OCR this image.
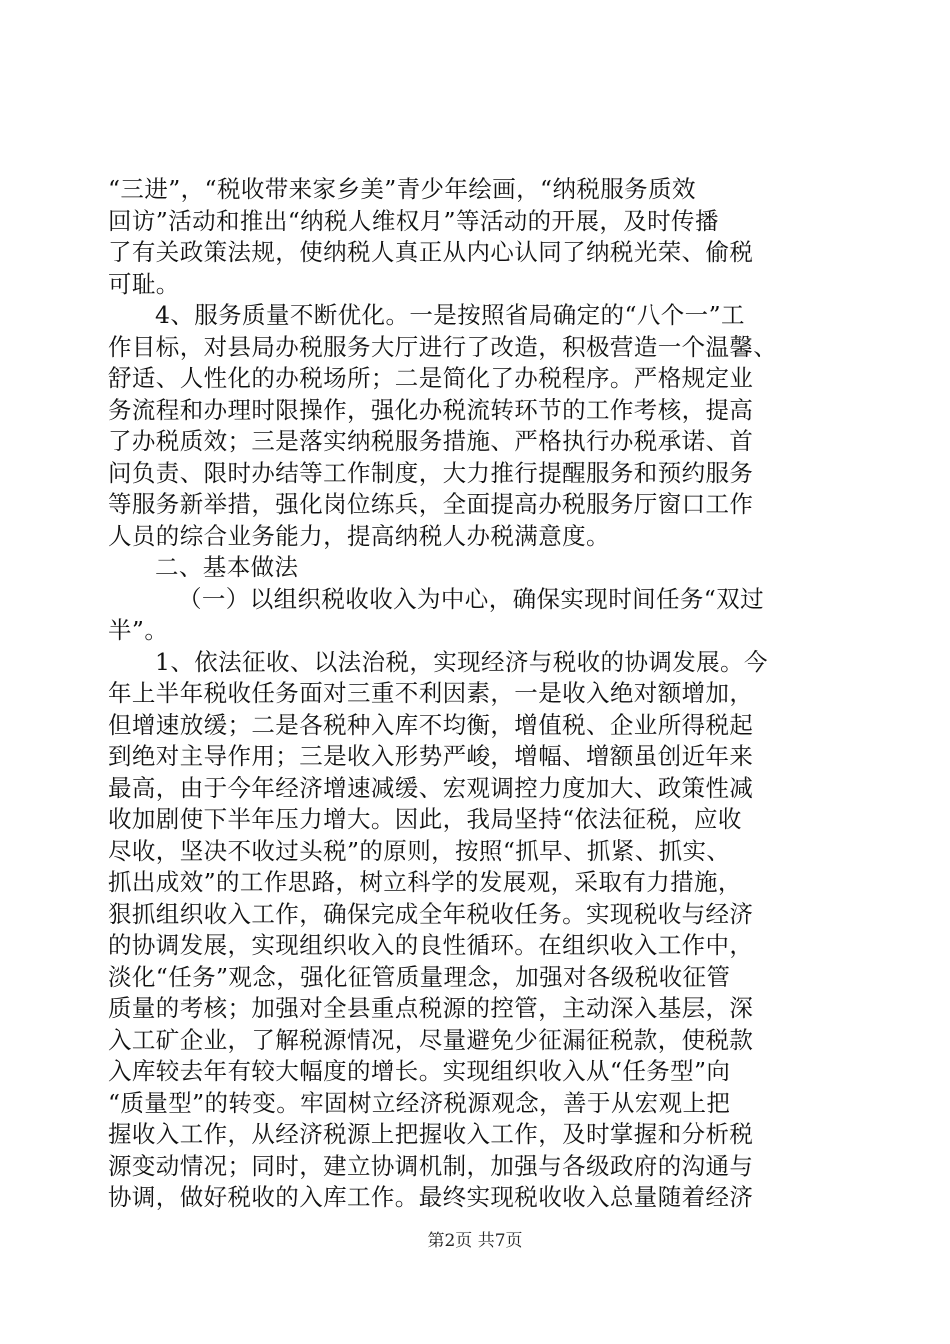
“三进”，“税收带来家乡美”青少年绘画，“纳税服务质效
回访”活动和推出“纳税人维权月”等活动的开展，及时传播
了有关政策法规，使纳税人真正从内心认同了纳税光荣、偷税
可耻。
4、服务质量不断优化。一是按照省局确定的“八个一”工
作目标，对县局办税服务大厅进行了改造，积极营造一个温馨、
舒适、人性化的办税场所；二是简化了办税程序。严格规定业
务流程和办理时限操作，强化办税流转环节的工作考核，提高
了办税质效；三是落实纳税服务措施、严格执行办税承诺、首
问负责、限时办结等工作制度，大力推行提醒服务和预约服务
等服务新举措，强化岗位练兵，全面提高办税服务厅窗口工作
人员的综合业务能力，提高纳税人办税满意度。
二、基本做法
（一）以组织税收收入为中心，确保实现时间任务“双过
半”。
1、依法征收、以法治税，实现经济与税收的协调发展。今
年上半年税收任务面对三重不利因素，一是收入绝对额增加，
但增速放缓；二是各税种入库不均衡，增值税、企业所得税起
到绝对主导作用；三是收入形势严峻，增幅、增额虽创近年来
最高，由于今年经济增速减缓、宏观调控力度加大、政策性减
收加剧使下半年压力增大。因此，我局坚持“依法征税，应收
尽收，坚决不收过头税”的原则，按照“抓早、抓紧、抓实、
抓出成效”的工作思路，树立科学的发展观，采取有力措施，
狠抓组织收入工作，确保完成全年税收任务。实现税收与经济
的协调发展，实现组织收入的良性循环。在组织收入工作中，
淡化“任务”观念，强化征管质量理念，加强对各级税收征管
质量的考核；加强对全县重点税源的控管，主动深入基层，深
入工矿企业，了解税源情况，尽量避免少征漏征税款，使税款
入库较去年有较大幅度的增长。实现组织收入从“任务型”向
“质量型”的转变。牢固树立经济税源观念，善于从宏观上把
握收入工作，从经济税源上把握收入工作，及时掌握和分析税
源变动情况；同时，建立协调机制，加强与各级政府的沟通与
协调，做好税收的入库工作。最终实现税收收入总量随着经济
第2页 共7页
